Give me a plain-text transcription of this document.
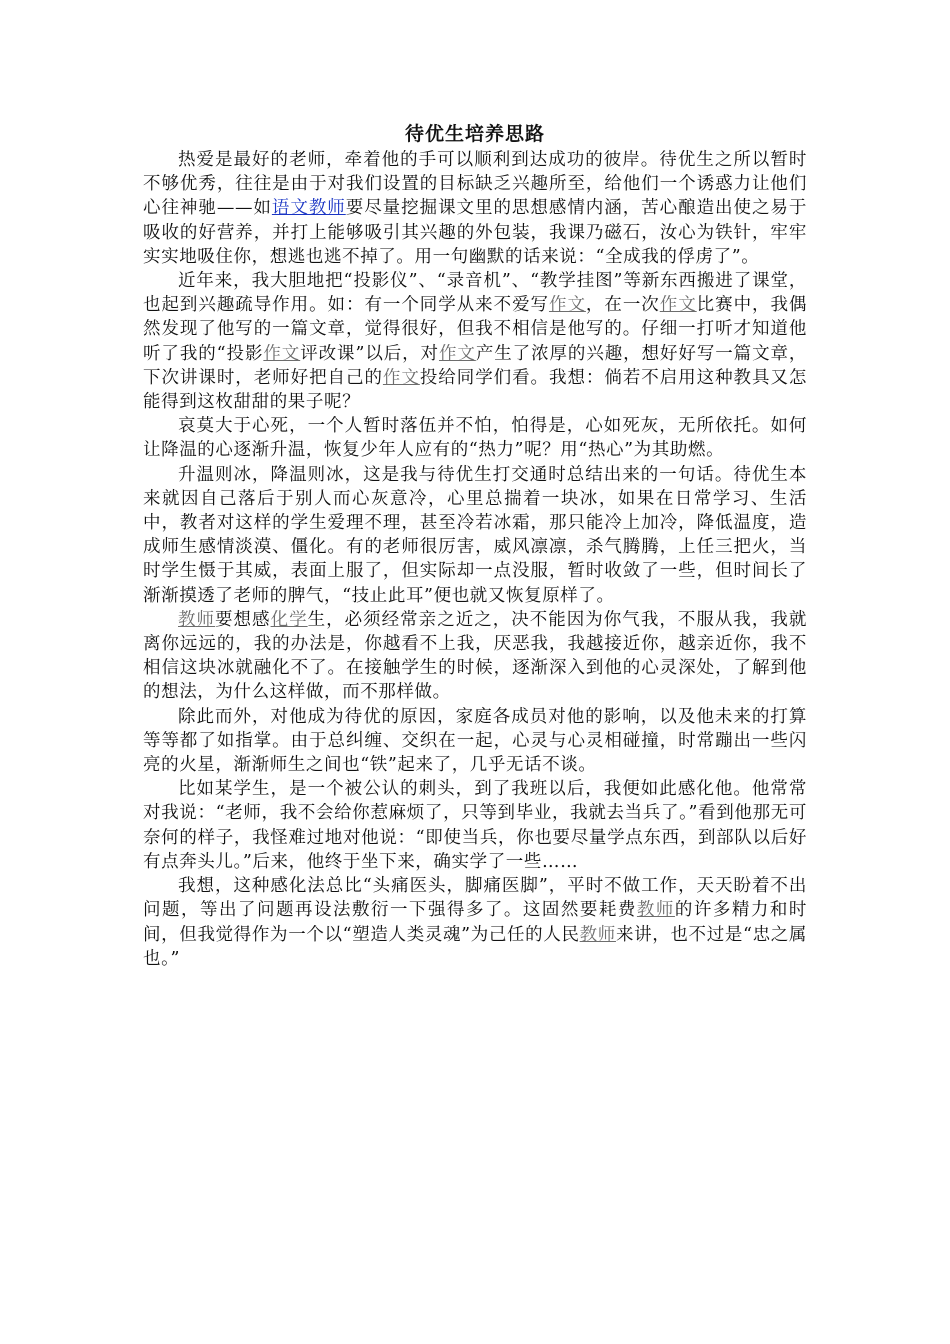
待优生培养思路

热爱是最好的老师，牵着他的手可以顺利到达成功的彼岸。待优生之所以暂时不够优秀，往往是由于对我们设置的目标缺乏兴趣所至，给他们一个诱惑力让他们心往神驰——如语文教师要尽量挖掘课文里的思想感情内涵，苦心酿造出使之易于吸收的好营养，并打上能够吸引其兴趣的外包装，我课乃磁石，汝心为铁针，牢牢实实地吸住你，想逃也逃不掉了。用一句幽默的话来说：“全成我的俘虏了”。

近年来，我大胆地把“投影仪”、“录音机”、“教学挂图”等新东西搬进了课堂，也起到兴趣疏导作用。如：有一个同学从来不爱写作文，在一次作文比赛中，我偶然发现了他写的一篇文章，觉得很好，但我不相信是他写的。仔细一打听才知道他听了我的“投影作文评改课”以后，对作文产生了浓厚的兴趣，想好好写一篇文章，下次讲课时，老师好把自己的作文投给同学们看。我想：倘若不启用这种教具又怎能得到这枚甜甜的果子呢？

哀莫大于心死，一个人暂时落伍并不怕，怕得是，心如死灰，无所依托。如何让降温的心逐渐升温，恢复少年人应有的“热力”呢？用“热心”为其助燃。

升温则冰，降温则冰，这是我与待优生打交通时总结出来的一句话。待优生本来就因自己落后于别人而心灰意冷，心里总揣着一块冰，如果在日常学习、生活中，教者对这样的学生爱理不理，甚至冷若冰霜，那只能冷上加冷，降低温度，造成师生感情淡漠、僵化。有的老师很厉害，威风凛凛，杀气腾腾，上任三把火，当时学生慑于其威，表面上服了，但实际却一点没服，暂时收敛了一些，但时间长了渐渐摸透了老师的脾气，“技止此耳”便也就又恢复原样了。

教师要想感化学生，必须经常亲之近之，决不能因为你气我，不服从我，我就离你远远的，我的办法是，你越看不上我，厌恶我，我越接近你，越亲近你，我不相信这块冰就融化不了。在接触学生的时候，逐渐深入到他的心灵深处，了解到他的想法，为什么这样做，而不那样做。

除此而外，对他成为待优的原因，家庭各成员对他的影响，以及他未来的打算等等都了如指掌。由于总纠缠、交织在一起，心灵与心灵相碰撞，时常蹦出一些闪亮的火星，渐渐师生之间也“铁”起来了，几乎无话不谈。

比如某学生，是一个被公认的刺头，到了我班以后，我便如此感化他。他常常对我说：“老师，我不会给你惹麻烦了，只等到毕业，我就去当兵了。”看到他那无可奈何的样子，我怪难过地对他说：“即使当兵，你也要尽量学点东西，到部队以后好有点奔头儿。”后来，他终于坐下来，确实学了一些……

我想，这种感化法总比“头痛医头，脚痛医脚”，平时不做工作，天天盼着不出问题，等出了问题再设法敷衍一下强得多了。这固然要耗费教师的许多精力和时间，但我觉得作为一个以“塑造人类灵魂”为己任的人民教师来讲，也不过是“忠之属也。”
